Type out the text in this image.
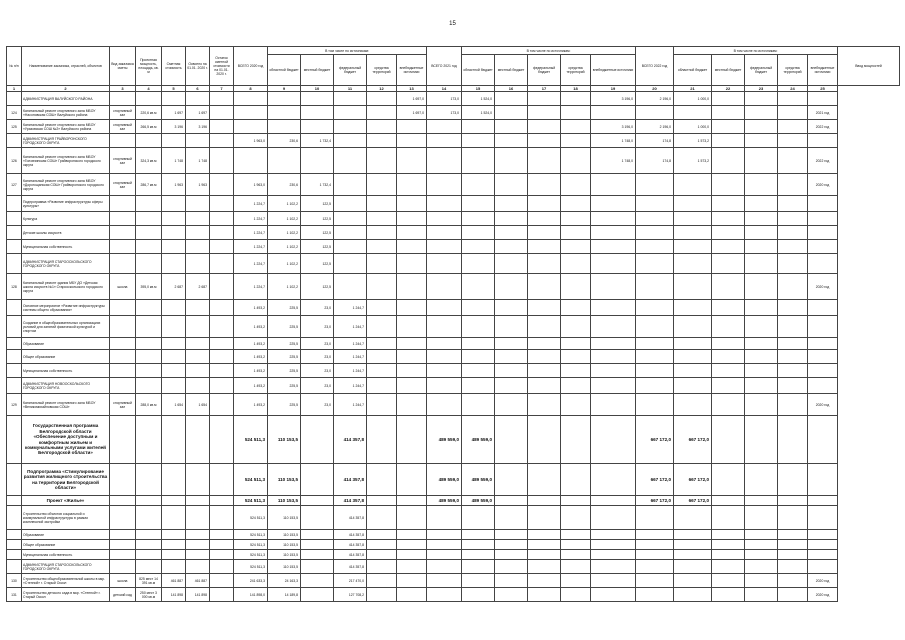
15
№ п/п	Наименование заказчика, отраслей, объектов	Вид заказчика сметы	Проектная мощность, площадь, кв. м	Сметная стоимость	Освоено на 01.01. 2020 г.	Остаток сметной стоимости на 01.01. 2020 г.	ВСЕГО 2020 год	В том числе по источникам:					ВСЕГО 2021 год	В том числе по источникам:					ВСЕГО 2022 год	В том числе по источникам:					Ввод мощностей
								областной бюджет	местный бюджет	федеральный бюджет	средства территорий	внебюджетные источники		областной бюджет	местный бюджет	федеральный бюджет	средства территорий	внебюджетные источники		областной бюджет	местный бюджет	федеральный бюджет	средства территорий	внебюджетные источники	
1	2	3	4	5	6	7	8	9	10	11	12	13	14	15	16	17	18	19	20	21	22	23	24	25	
	АДМИНИСТРАЦИЯ ВАЛУЙСКОГО РАЙОНА											1 697,0	173,0	1 524,0				3 196,0	2 196,0	1 000,0					
124	Капитальный ремонт спортивного зала МБОУ «Насоновская СОШ» Валуйского района	спортивный зал	220,6 кв.м	1 697	1 697							1 697,0	173,0	1 524,0										2021 год	
125	Капитальный ремонт спортивного зала МБОУ «Уразовская СОШ №2» Валуйского района	спортивный зал	266,5 кв.м	3 196	3 196													3 196,0	2 196,0	1 000,0				2022 год	
	АДМИНИСТРАЦИЯ ГРАЙВОРОНСКОГО ГОРОДСКОГО ОКРУГА						1 963,0	230,6	1 732,4									1 748,0	174,8	1 573,2					
126	Капитальный ремонт спортивного зала МБОУ «Головчинская СОШ» Грайворонского городского округа	спортивный зал	324,3 кв.м	1 748	1 748													1 748,0	174,8	1 573,2				2022 год	
127	Капитальный ремонт спортивного зала МБОУ «Дорогощанская СОШ» Грайворонского городского округа	спортивный зал	286,7 кв.м	1 963	1 963		1 963,0	230,6	1 732,4															2020 год	
	Подпрограмма «Развитие инфраструктуры сферы культуры»						1 224,7	1 102,2	122,5																
	Культура						1 224,7	1 102,2	122,5																
	Детские школы искусств						1 224,7	1 102,2	122,5																
	Муниципальная собственность						1 224,7	1 102,2	122,5																
	АДМИНИСТРАЦИЯ СТАРООСКОЛЬСКОГО ГОРОДСКОГО ОКРУГА						1 224,7	1 102,2	122,5																
128	Капитальный ремонт здания МБУ ДО «Детская школа искусств №1» Старооскольского городского округа	школа	395,0 кв.м	2 687	2 687		1 224,7	1 102,2	122,5															2020 год	
	Основное мероприятие «Развитие инфраструктуры системы общего образования»						1 493,2	225,5	23,0	1 244,7															
	Создание в общеобразовательных организациях условий для занятий физической культурой и спортом						1 493,2	225,5	23,0	1 244,7															
	Образование						1 493,2	225,5	23,0	1 244,7															
	Общее образование						1 493,2	225,5	23,0	1 244,7															
	Муниципальная собственность						1 493,2	225,5	23,0	1 244,7															
	АДМИНИСТРАЦИЯ НОВООСКОЛЬСКОГО ГОРОДСКОГО ОКРУГА						1 493,2	225,5	23,0	1 244,7															
129	Капитальный ремонт спортивного зала МБОУ «Великомихайловская СОШ»	спортивный зал	288,0 кв.м	1 654	1 654		1 493,2	225,5	23,0	1 244,7														2020 год	
	Государственная программа Белгородской области «Обеспечение доступным и комфортным жильем и коммунальными услугами жителей Белгородской области»						524 511,3	110 153,5		414 357,8			489 559,0	489 559,0					667 172,0	667 172,0					
	Подпрограмма «Стимулирование развития жилищного строительства на территории Белгородской области»						524 511,3	110 153,5		414 357,8			489 559,0	489 559,0					667 172,0	667 172,0					
	Проект «Жилье»						524 511,3	110 153,5		414 357,8			489 559,0	489 559,0					667 172,0	667 172,0					
	Строительство объектов социальной и коммунальной инфраструктуры в рамках комплексной застройки						524 511,3	110 153,5		414 357,8															
	Образование						524 511,3	110 153,5		414 357,8															
	Общее образование						524 511,3	110 153,5		414 357,8															
	Муниципальная собственность						524 511,3	110 153,5		414 357,8															
	АДМИНИСТРАЦИЯ СТАРООСКОЛЬСКОГО ГОРОДСКОГО ОКРУГА						524 511,3	110 153,5		414 357,8															
130	Строительство общеобразовательной школы в мкр. «Степной» г. Старый Оскол	школа	825 мест 14 391 кв.м	461 887	461 887		241 633,3	24 163,3		217 470,0														2020 год	
131	Строительство детского сада в мкр. «Степной» г. Старый Оскол	детский сад	250 мест 3 000 кв.м	141 898	141 898		141 898,0	14 189,8		127 708,2														2020 год	
